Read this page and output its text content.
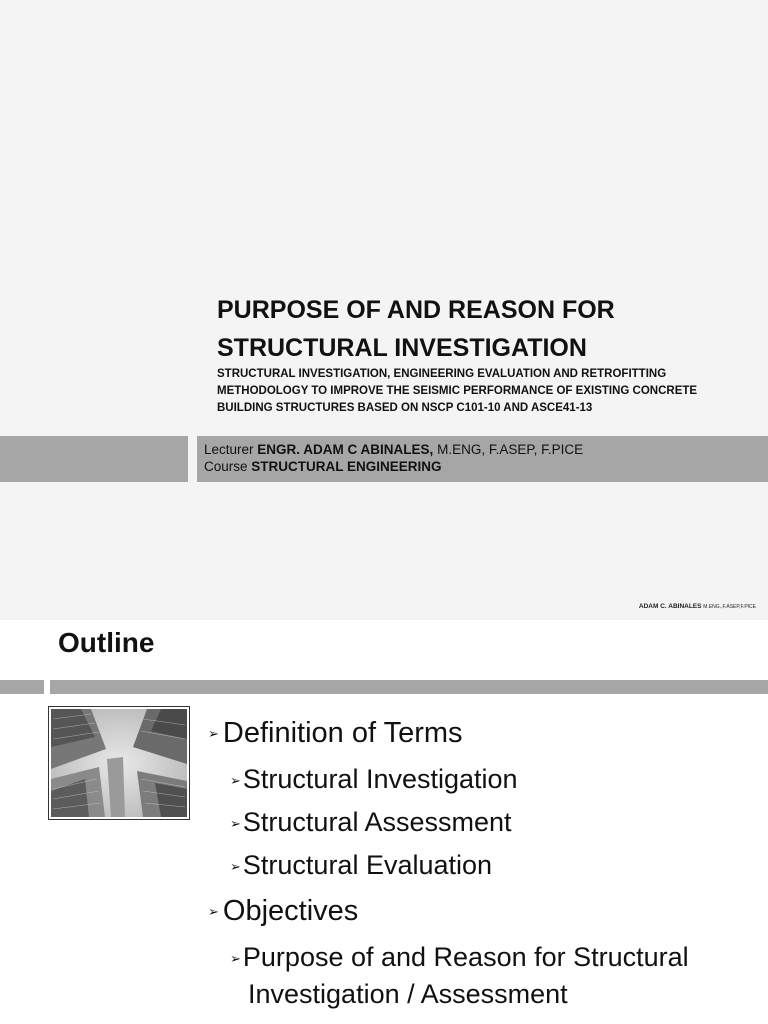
PURPOSE OF AND REASON FOR
STRUCTURAL INVESTIGATION
STRUCTURAL INVESTIGATION, ENGINEERING EVALUATION AND RETROFITTING
METHODOLOGY TO IMPROVE THE SEISMIC PERFORMANCE OF EXISTING CONCRETE
BUILDING STRUCTURES BASED ON NSCP C101-10 AND ASCE41-13
Lecturer ENGR. ADAM C ABINALES, M.ENG, F.ASEP, F.PICE
Course STRUCTURAL ENGINEERING
ADAM C. ABINALES M.ENG.,F.ASEP,F.PICE
Outline
➢ Definition of Terms
➢Structural Investigation
➢Structural Assessment
➢Structural Evaluation
➢ Objectives
➢Purpose of and Reason for Structural
Investigation / Assessment
